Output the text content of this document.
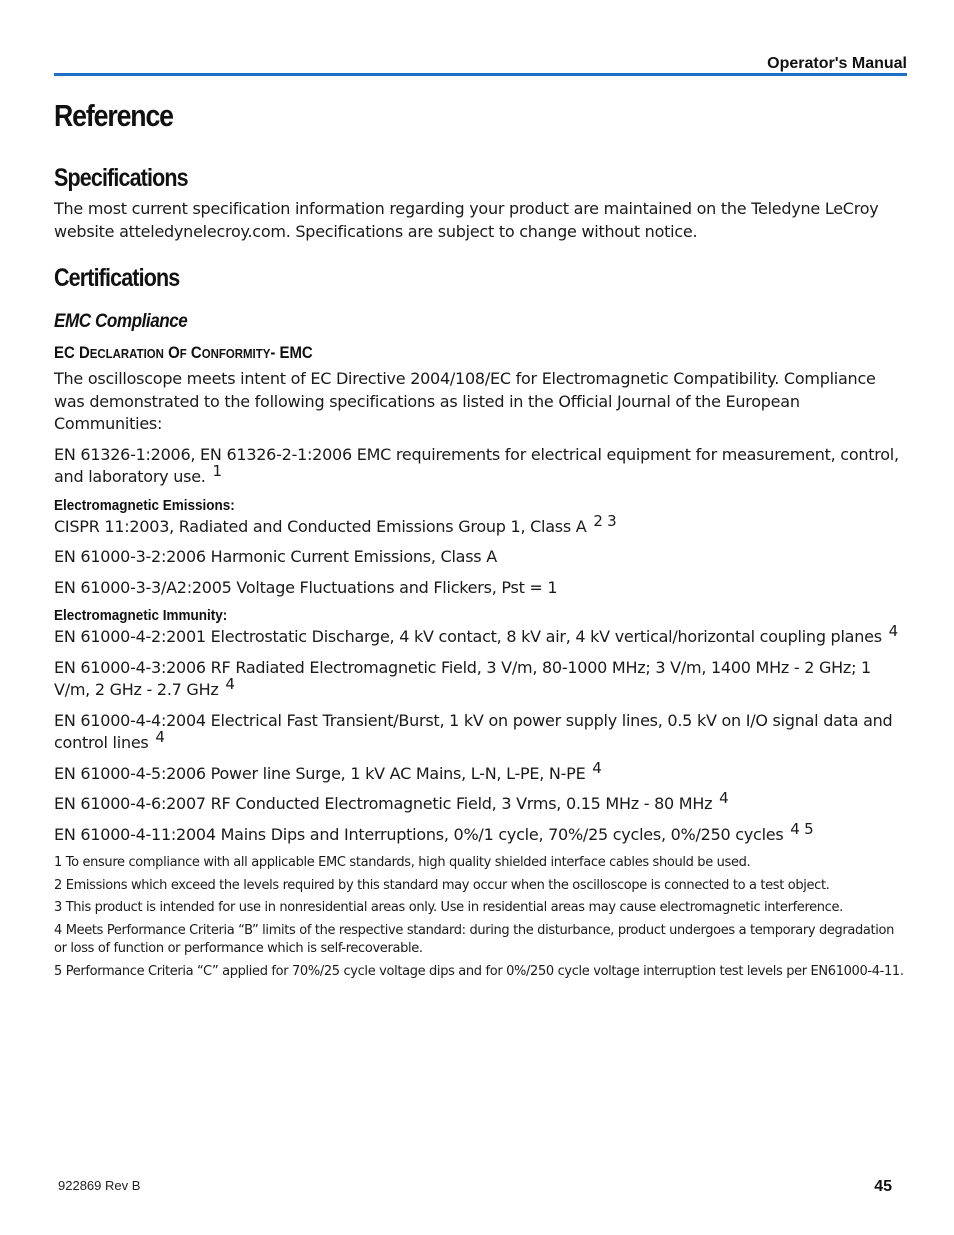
Operator's Manual
Reference
Specifications

The most current specification information regarding your product are maintained on the Teledyne LeCroy website atteledynelecroy.com. Specifications are subject to change without notice.

Certifications
EMC Compliance
EC DECLARATION OF CONFORMITY- EMC

The oscilloscope meets intent of EC Directive 2004/108/EC for Electromagnetic Compatibility. Compliance was demonstrated to the following specifications as listed in the Official Journal of the European Communities:

EN 61326-1:2006, EN 61326-2-1:2006 EMC requirements for electrical equipment for measurement, control, and laboratory use. $^1$

Electromagnetic Emissions:

CISPR 11:2003, Radiated and Conducted Emissions Group 1, Class A $^{2 3}$

EN 61000-3-2:2006 Harmonic Current Emissions, Class A

EN 61000-3-3/A2:2005 Voltage Fluctuations and Flickers, Pst = 1

Electromagnetic Immunity:

EN 61000-4-2:2001 Electrostatic Discharge, 4 kV contact, 8 kV air, 4 kV vertical/horizontal coupling planes $^4$

EN 61000-4-3:2006 RF Radiated Electromagnetic Field, 3 V/m, 80-1000 MHz; 3 V/m, 1400 MHz - 2 GHz; 1 V/m, 2 GHz - 2.7 GHz $^4$

EN 61000-4-4:2004 Electrical Fast Transient/Burst, 1 kV on power supply lines, 0.5 kV on I/O signal data and control lines $^4$

EN 61000-4-5:2006 Power line Surge, 1 kV AC Mains, L-N, L-PE, N-PE $^4$

EN 61000-4-6:2007 RF Conducted Electromagnetic Field, 3 Vrms, 0.15 MHz - 80 MHz $^4$

EN 61000-4-11:2004 Mains Dips and Interruptions, 0%/1 cycle, 70%/25 cycles, 0%/250 cycles $^{4 5}$

1 To ensure compliance with all applicable EMC standards, high quality shielded interface cables should be used.

2 Emissions which exceed the levels required by this standard may occur when the oscilloscope is connected to a test object.

3 This product is intended for use in nonresidential areas only. Use in residential areas may cause electromagnetic interference.

4 Meets Performance Criteria “B” limits of the respective standard: during the disturbance, product undergoes a temporary degradation or loss of function or performance which is self-recoverable.

5 Performance Criteria “C” applied for 70%/25 cycle voltage dips and for 0%/250 cycle voltage interruption test levels per EN61000-4-11.

922869 Rev B	45
